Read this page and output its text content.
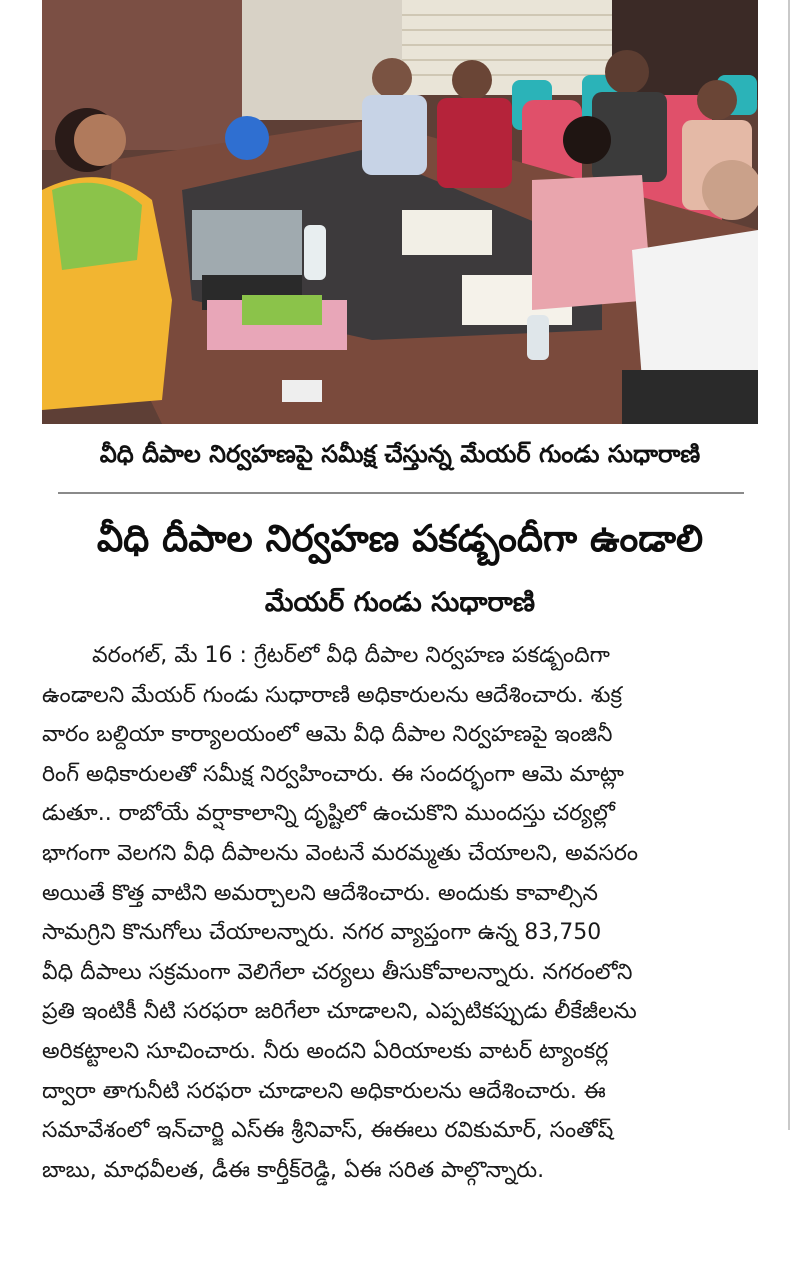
వీధి దీపాల నిర్వహణపై సమీక్ష చేస్తున్న మేయర్ గుండు సుధారాణి
వీధి దీపాల నిర్వహణ పకడ్బందీగా ఉండాలి
మేయర్ గుండు సుధారాణి
వరంగల్, మే 16 : గ్రేటర్‌లో వీధి దీపాల నిర్వహణ పకడ్బందిగా
ఉండాలని మేయర్ గుండు సుధారాణి అధికారులను ఆదేశించారు. శుక్ర
వారం బల్దియా కార్యాలయంలో ఆమె వీధి దీపాల నిర్వహణపై ఇంజినీ
రింగ్ అధికారులతో సమీక్ష నిర్వహించారు. ఈ సందర్భంగా ఆమె మాట్లా
డుతూ.. రాబోయే వర్షాకాలాన్ని దృష్టిలో ఉంచుకొని ముందస్తు చర్యల్లో
భాగంగా వెలగని వీధి దీపాలను వెంటనే మరమ్మతు చేయాలని, అవసరం
అయితే కొత్త వాటిని అమర్చాలని ఆదేశించారు. అందుకు కావాల్సిన
సామగ్రిని కొనుగోలు చేయాలన్నారు. నగర వ్యాప్తంగా ఉన్న 83,750
వీధి దీపాలు సక్రమంగా వెలిగేలా చర్యలు తీసుకోవాలన్నారు. నగరంలోని
ప్రతి ఇంటికీ నీటి సరఫరా జరిగేలా చూడాలని, ఎప్పటికప్పుడు లీకేజీలను
అరికట్టాలని సూచించారు. నీరు అందని ఏరియాలకు వాటర్ ట్యాంకర్ల
ద్వారా తాగునీటి సరఫరా చూడాలని అధికారులను ఆదేశించారు. ఈ
సమావేశంలో ఇన్‌చార్జి ఎస్ఈ శ్రీనివాస్, ఈఈలు రవికుమార్, సంతోష్
బాబు, మాధవీలత, డీఈ కార్తీక్‌రెడ్డి, ఏఈ సరిత పాల్గొన్నారు.
